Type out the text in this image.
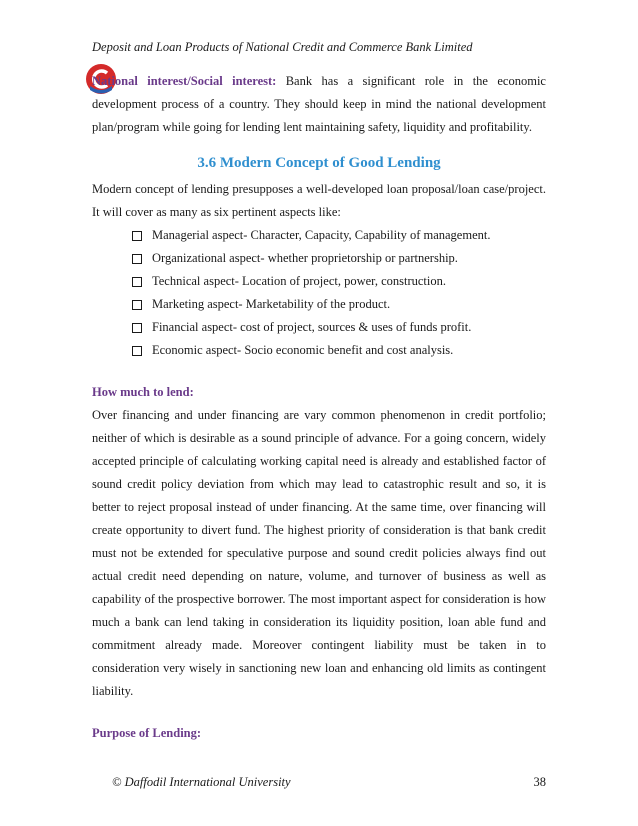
Deposit and Loan Products of National Credit and Commerce Bank Limited

National interest/Social interest: Bank has a significant role in the economic development process of a country. They should keep in mind the national development plan/program while going for lending lent maintaining safety, liquidity and profitability.

3.6 Modern Concept of Good Lending

Modern concept of lending presupposes a well-developed loan proposal/loan case/project. It will cover as many as six pertinent aspects like:

Managerial aspect- Character, Capacity, Capability of management.
Organizational aspect- whether proprietorship or partnership.
Technical aspect- Location of project, power, construction.
Marketing aspect- Marketability of the product.
Financial aspect- cost of project, sources & uses of funds profit.
Economic aspect- Socio economic benefit and cost analysis.
How much to lend:

Over financing and under financing are vary common phenomenon in credit portfolio; neither of which is desirable as a sound principle of advance. For a going concern, widely accepted principle of calculating working capital need is already and established factor of sound credit policy deviation from which may lead to catastrophic result and so, it is better to reject proposal instead of under financing. At the same time, over financing will create opportunity to divert fund. The highest priority of consideration is that bank credit must not be extended for speculative purpose and sound credit policies always find out actual credit need depending on nature, volume, and turnover of business as well as capability of the prospective borrower. The most important aspect for consideration is how much a bank can lend taking in consideration its liquidity position, loan able fund and commitment already made. Moreover contingent liability must be taken in to consideration very wisely in sanctioning new loan and enhancing old limits as contingent liability.

Purpose of Lending:
© Daffodil International University	38
